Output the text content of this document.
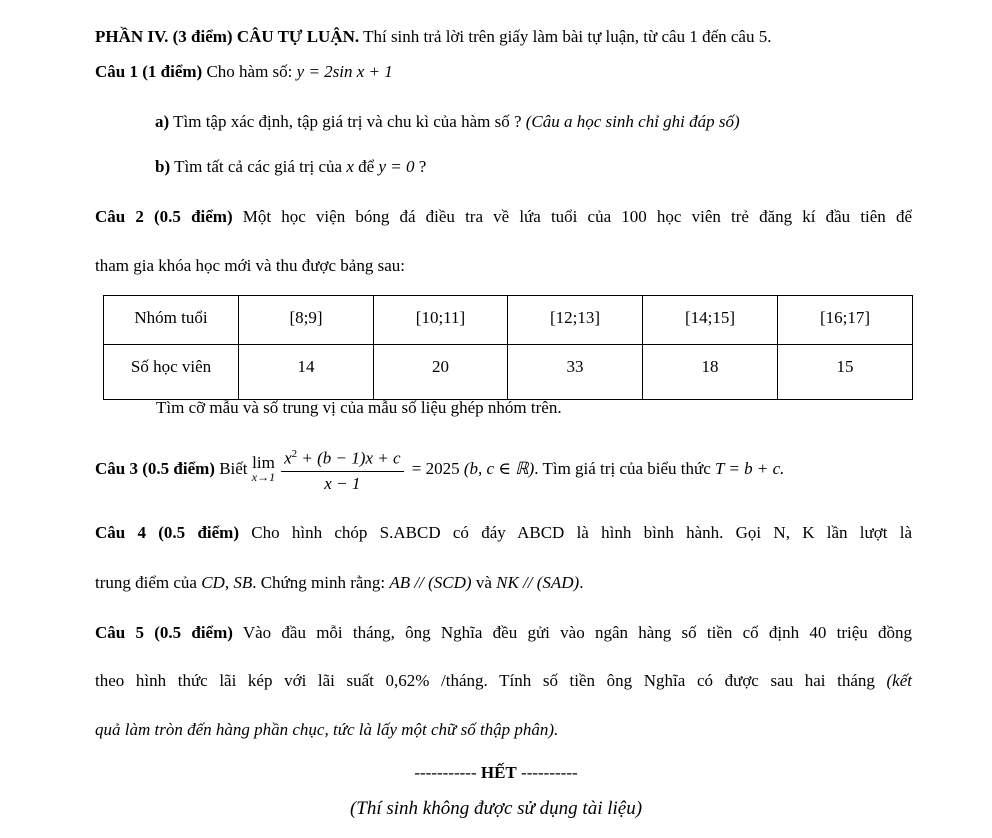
PHẦN IV. (3 điểm) CÂU TỰ LUẬN. Thí sinh trả lời trên giấy làm bài tự luận, từ câu 1 đến câu 5.
Câu 1 (1 điểm) Cho hàm số: y = 2sin x + 1
a) Tìm tập xác định, tập giá trị và chu kì của hàm số ? (Câu a học sinh chỉ ghi đáp số)
b) Tìm tất cả các giá trị của x để y = 0 ?
Câu 2 (0.5 điểm) Một học viện bóng đá điều tra về lứa tuổi của 100 học viên trẻ đăng kí đầu tiên để
tham gia khóa học mới và thu được bảng sau:
Nhóm tuổi	[8;9]	[10;11]	[12;13]	[14;15]	[16;17]
Số học viên	14	20	33	18	15
Tìm cỡ mẫu và số trung vị của mẫu số liệu ghép nhóm trên.
Câu 3 (0.5 điểm) Biết lim
$x\to 1 \frac{x^2 + (b - 1)x + c}{x - 1} = 2025$ (b, c ∈ ℝ). Tìm giá trị của biểu thức T = b + c.
Câu 4 (0.5 điểm) Cho hình chóp S.ABCD có đáy ABCD là hình bình hành. Gọi N, K lần lượt là
trung điểm của CD, SB. Chứng minh rằng: AB // (SCD) và NK // (SAD).
Câu 5 (0.5 điểm) Vào đầu mỗi tháng, ông Nghĩa đều gửi vào ngân hàng số tiền cố định 40 triệu đồng
theo hình thức lãi kép với lãi suất 0,62% /tháng. Tính số tiền ông Nghĩa có được sau hai tháng (kết
quả làm tròn đến hàng phần chục, tức là lấy một chữ số thập phân).
----------- HẾT ----------
(Thí sinh không được sử dụng tài liệu)
